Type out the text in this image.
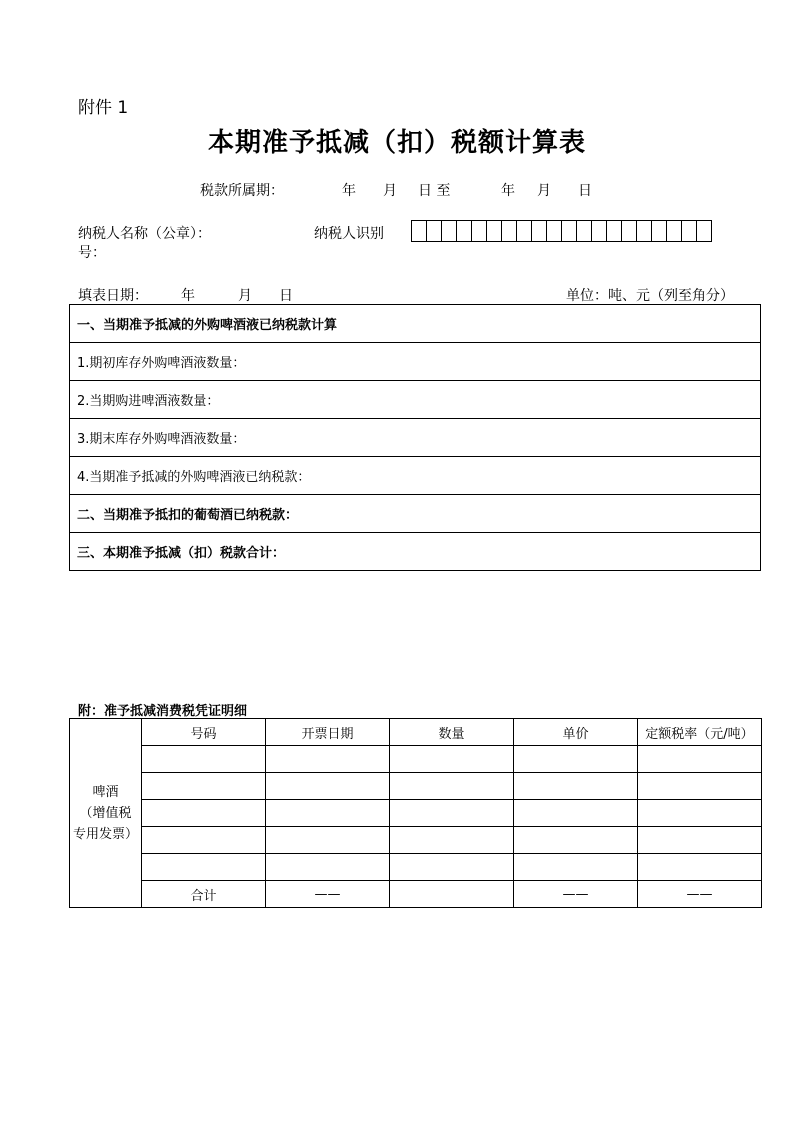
附件 1
本期准予抵减（扣）税额计算表
税款所属期：	年 月 日 至	年 月 日
纳税人名称（公章）：
号：
纳税人识别
填表日期： 年	月 日	单位：吨、元（列至角分）
一、当期准予抵减的外购啤酒液已纳税款计算
1.期初库存外购啤酒液数量：
2.当期购进啤酒液数量：
3.期末库存外购啤酒液数量：
4.当期准予抵减的外购啤酒液已纳税款：
二、当期准予抵扣的葡萄酒已纳税款：
三、本期准予抵减（扣）税款合计：
附：准予抵减消费税凭证明细
啤酒
（增值税
专用发票）	号码	开票日期	数量	单价	定额税率（元/吨）

	合计	——		——	——
